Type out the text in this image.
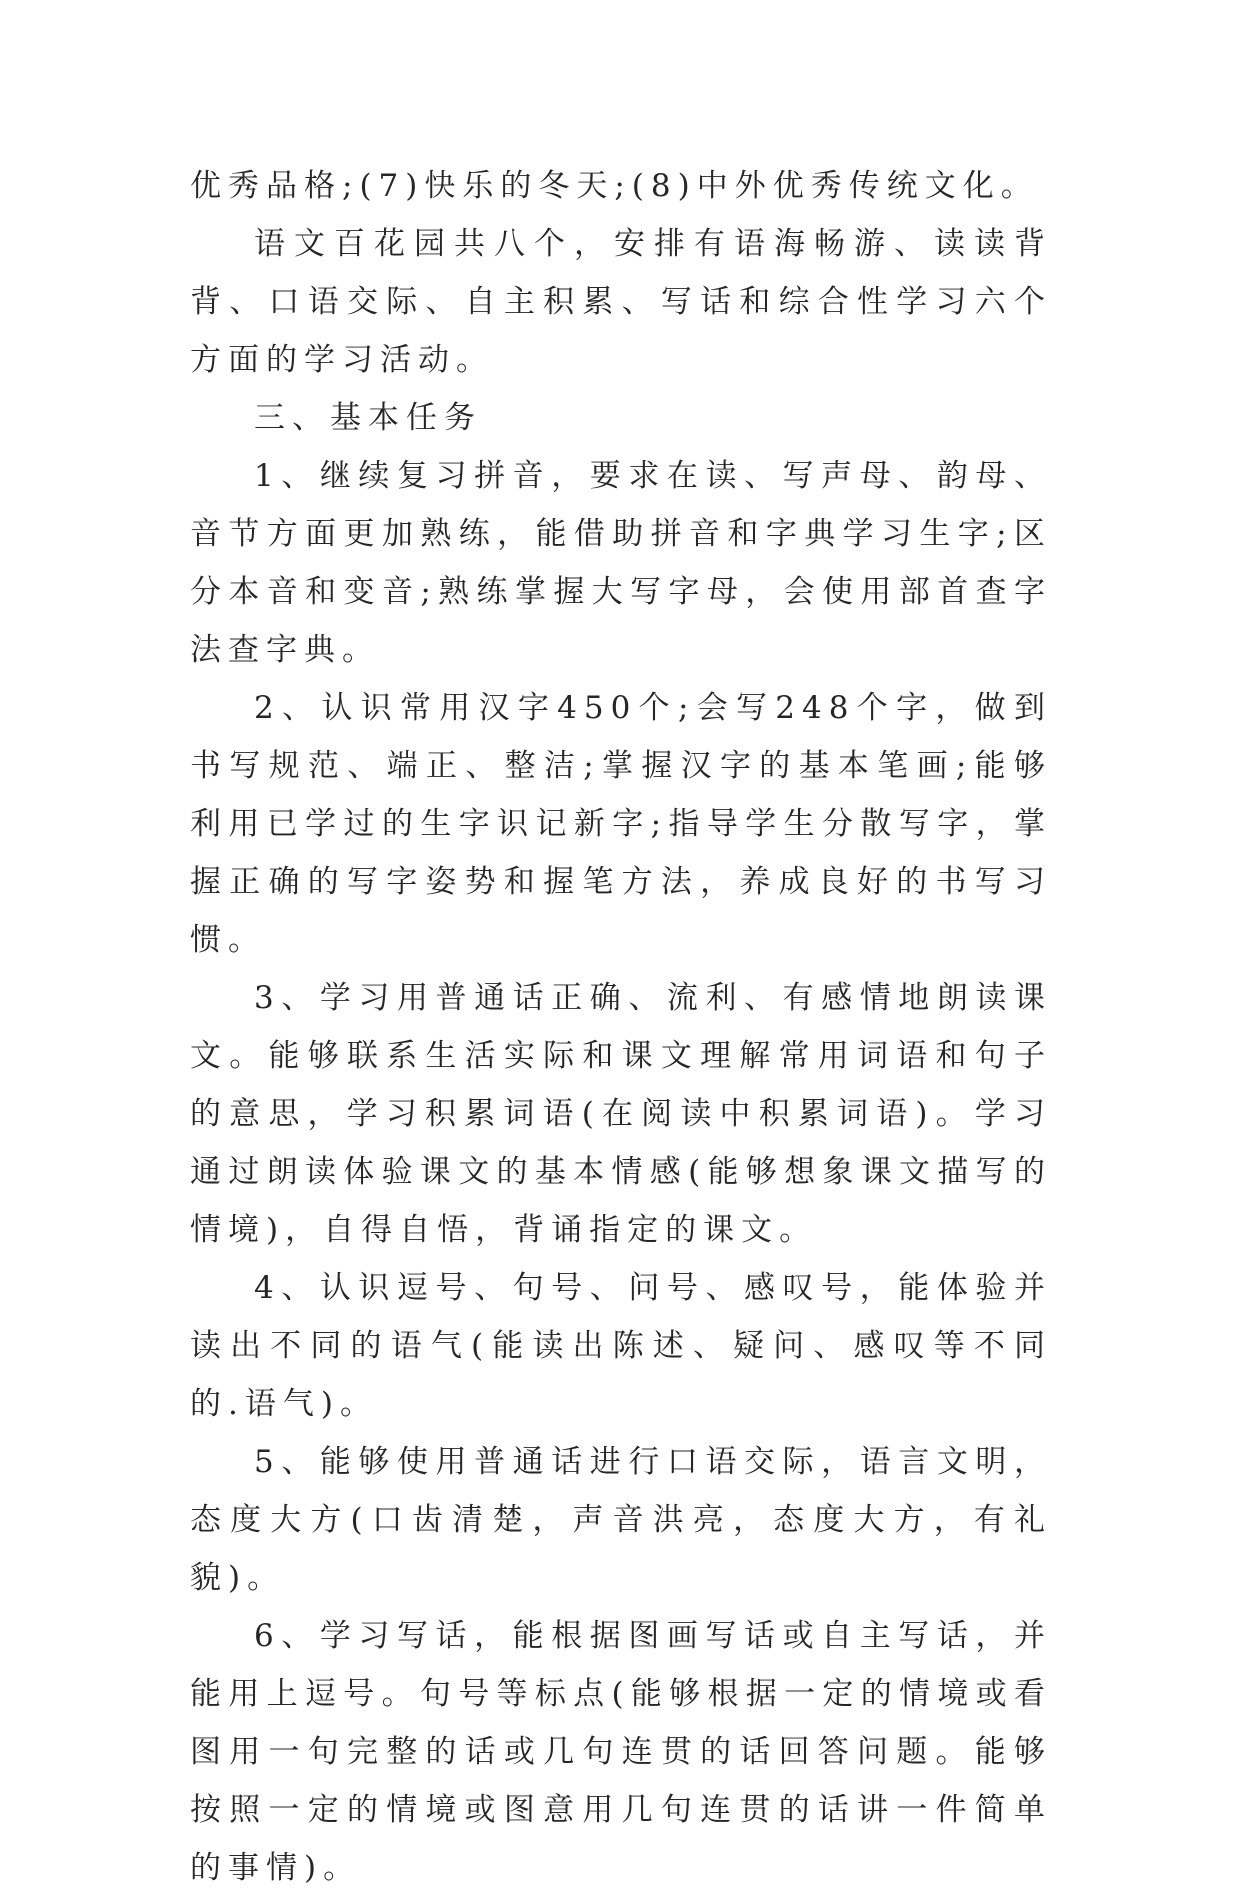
优秀品格;(7)快乐的冬天;(8)中外优秀传统文化。

语文百花园共八个，安排有语海畅游、读读背背、口语交际、自主积累、写话和综合性学习六个方面的学习活动。

三、基本任务

1、继续复习拼音，要求在读、写声母、韵母、音节方面更加熟练，能借助拼音和字典学习生字;区分本音和变音;熟练掌握大写字母，会使用部首查字法查字典。

2、认识常用汉字450个;会写248个字，做到书写规范、端正、整洁;掌握汉字的基本笔画;能够利用已学过的生字识记新字;指导学生分散写字，掌握正确的写字姿势和握笔方法，养成良好的书写习惯。

3、学习用普通话正确、流利、有感情地朗读课文。能够联系生活实际和课文理解常用词语和句子的意思，学习积累词语(在阅读中积累词语)。学习通过朗读体验课文的基本情感(能够想象课文描写的情境)，自得自悟，背诵指定的课文。

4、认识逗号、句号、问号、感叹号，能体验并读出不同的语气(能读出陈述、疑问、感叹等不同的.语气)。

5、能够使用普通话进行口语交际，语言文明，态度大方(口齿清楚，声音洪亮，态度大方，有礼貌)。

6、学习写话，能根据图画写话或自主写话，并能用上逗号。句号等标点(能够根据一定的情境或看图用一句完整的话或几句连贯的话回答问题。能够按照一定的情境或图意用几句连贯的话讲一件简单的事情)。
